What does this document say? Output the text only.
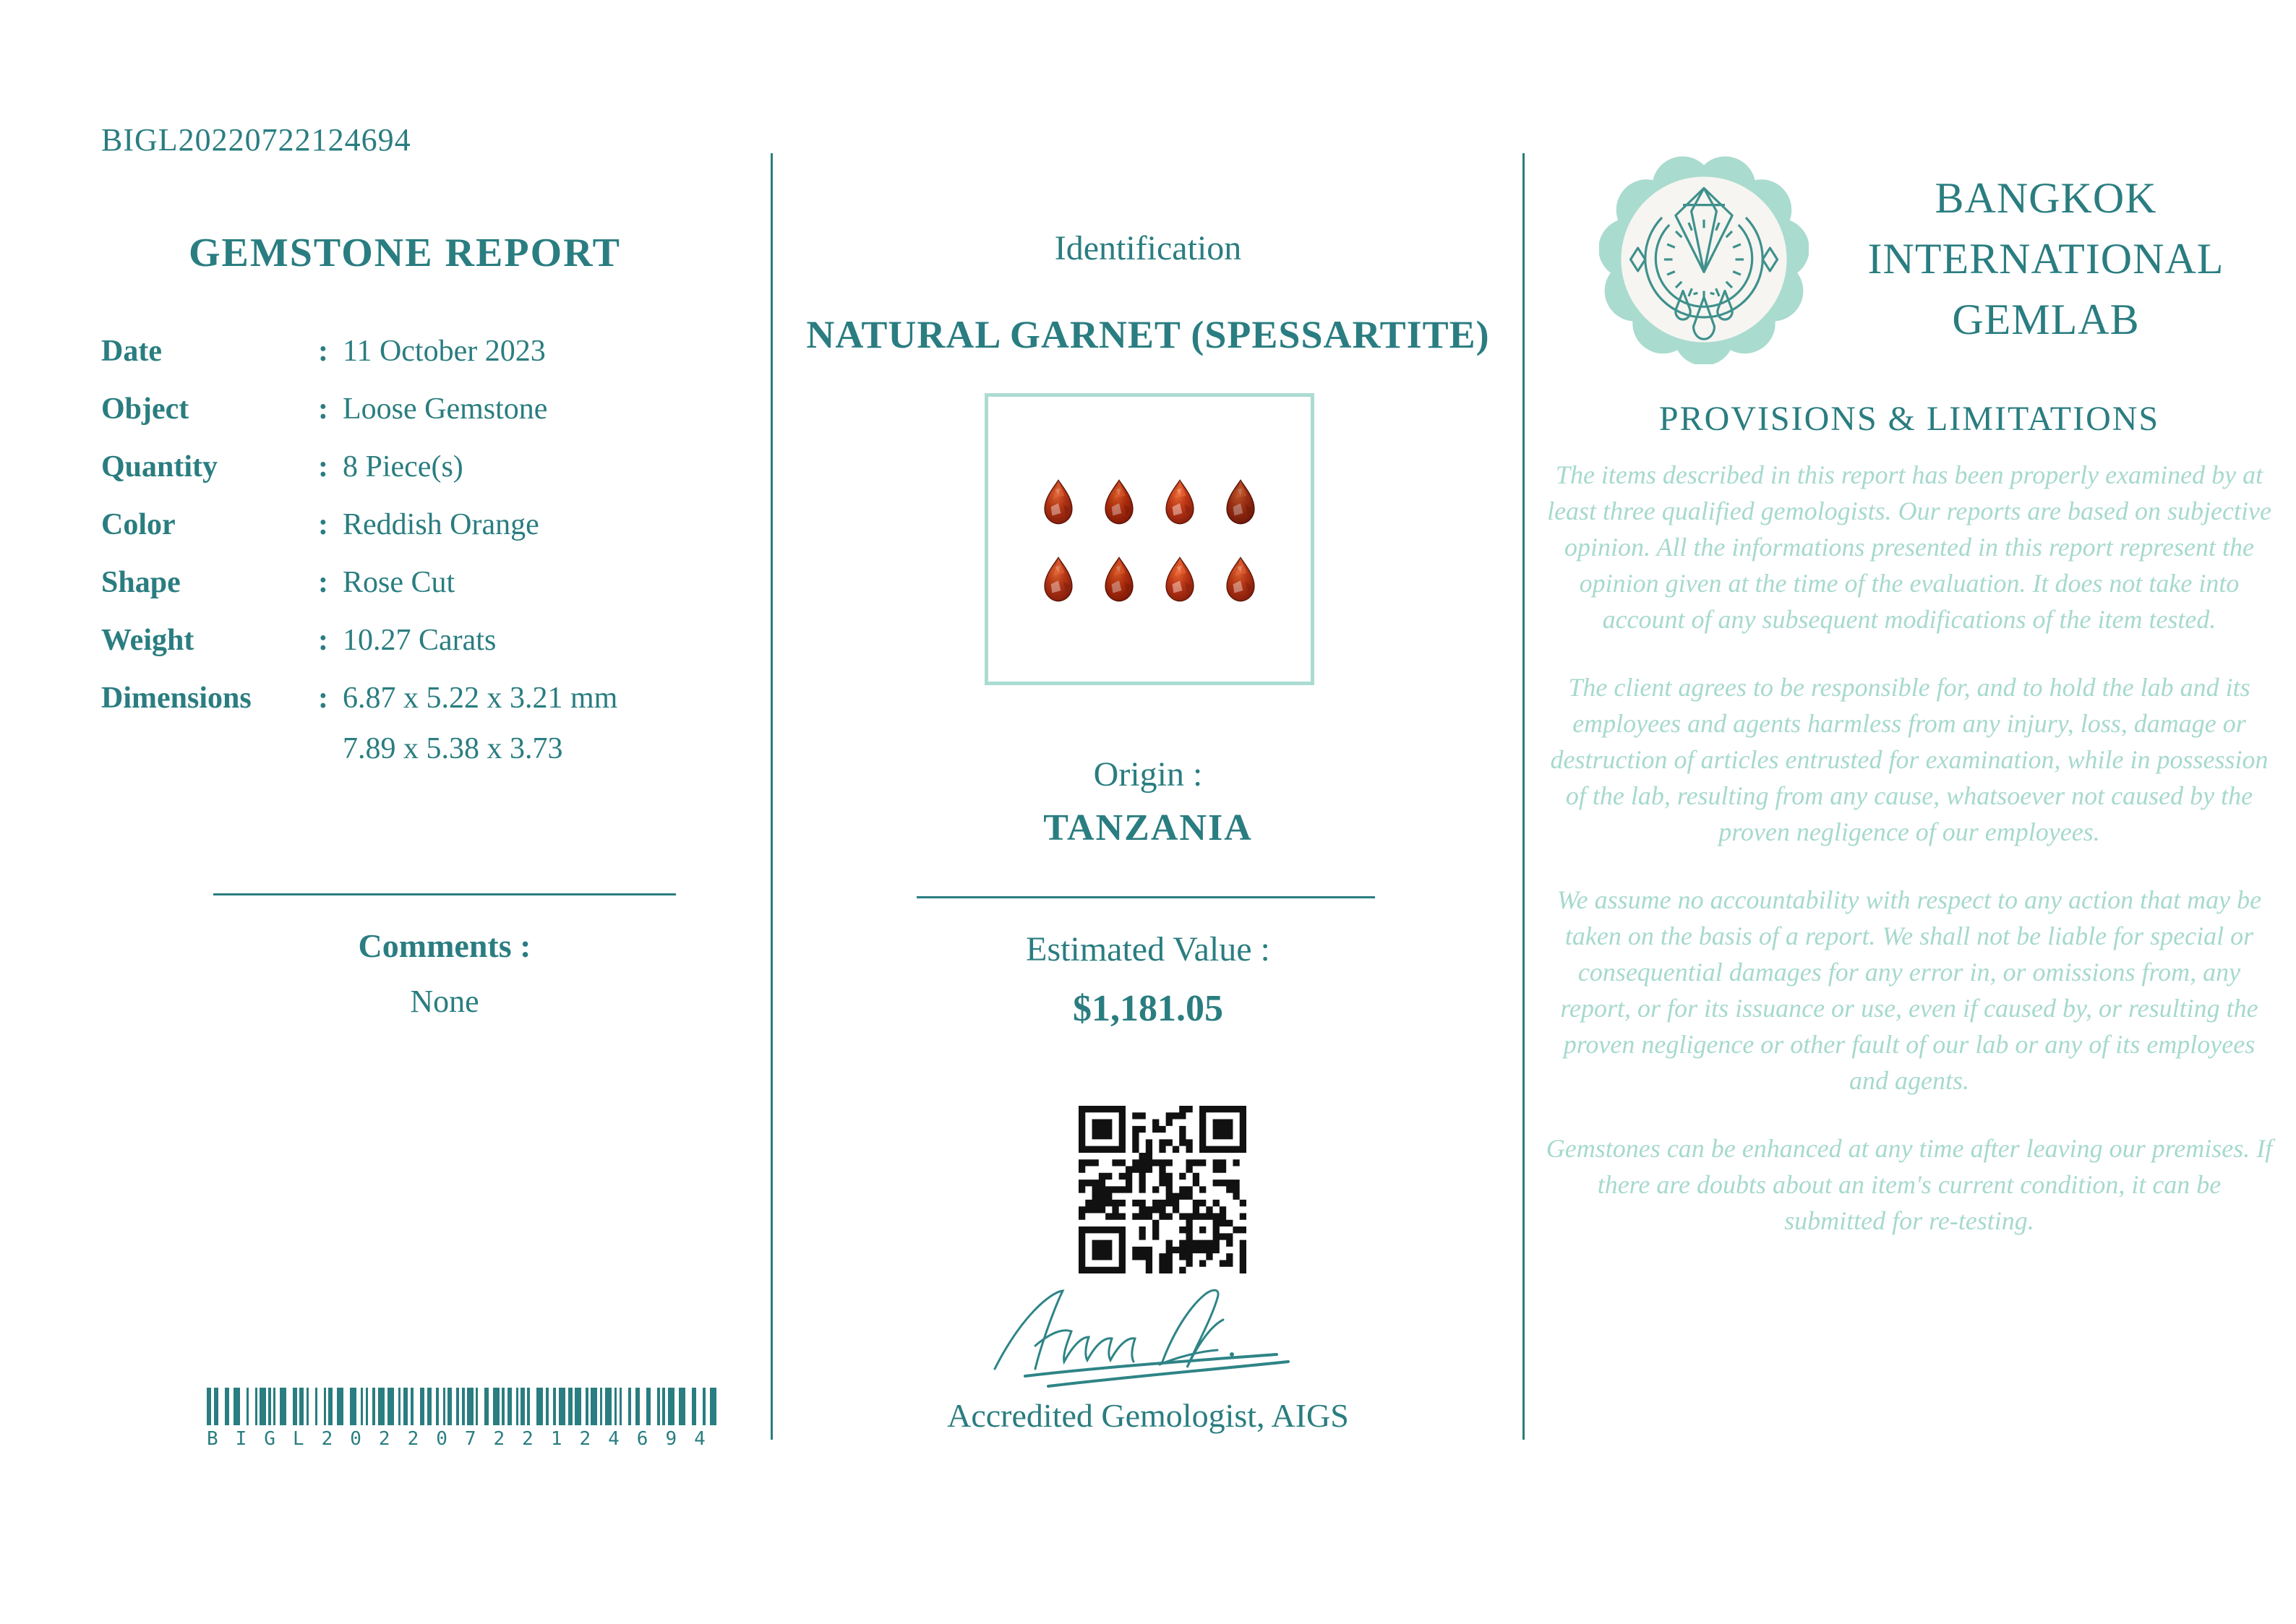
BIGL20220722124694
GEMSTONE REPORT
Date	: 11 October 2023
Object	: Loose Gemstone
Quantity	: 8 Piece(s)
Color	: Reddish Orange
Shape	: Rose Cut
Weight	: 10.27 Carats
Dimensions	: 6.87 x 5.22 x 3.21 mm
7.89 x 5.38 x 3.73
Comments :
None
BIGL20220722124694
Identification
NATURAL GARNET (SPESSARTITE)
Origin :
TANZANIA
Estimated Value :
$1,181.05
Accredited Gemologist, AIGS
BANGKOK
INTERNATIONAL
GEMLAB
PROVISIONS & LIMITATIONS

The items described in this report has been properly examined by at least three qualified gemologists. Our reports are based on subjective opinion. All the informations presented in this report represent the opinion given at the time of the evaluation. It does not take into account of any subsequent modifications of the item tested.

The client agrees to be responsible for, and to hold the lab and its employees and agents harmless from any injury, loss, damage or destruction of articles entrusted for examination, while in possession of the lab, resulting from any cause, whatsoever not caused by the proven negligence of our employees.

We assume no accountability with respect to any action that may be taken on the basis of a report. We shall not be liable for special or consequential damages for any error in, or omissions from, any report, or for its issuance or use, even if caused by, or resulting the proven negligence or other fault of our lab or any of its employees and agents.

Gemstones can be enhanced at any time after leaving our premises. If there are doubts about an item's current condition, it can be submitted for re-testing.
